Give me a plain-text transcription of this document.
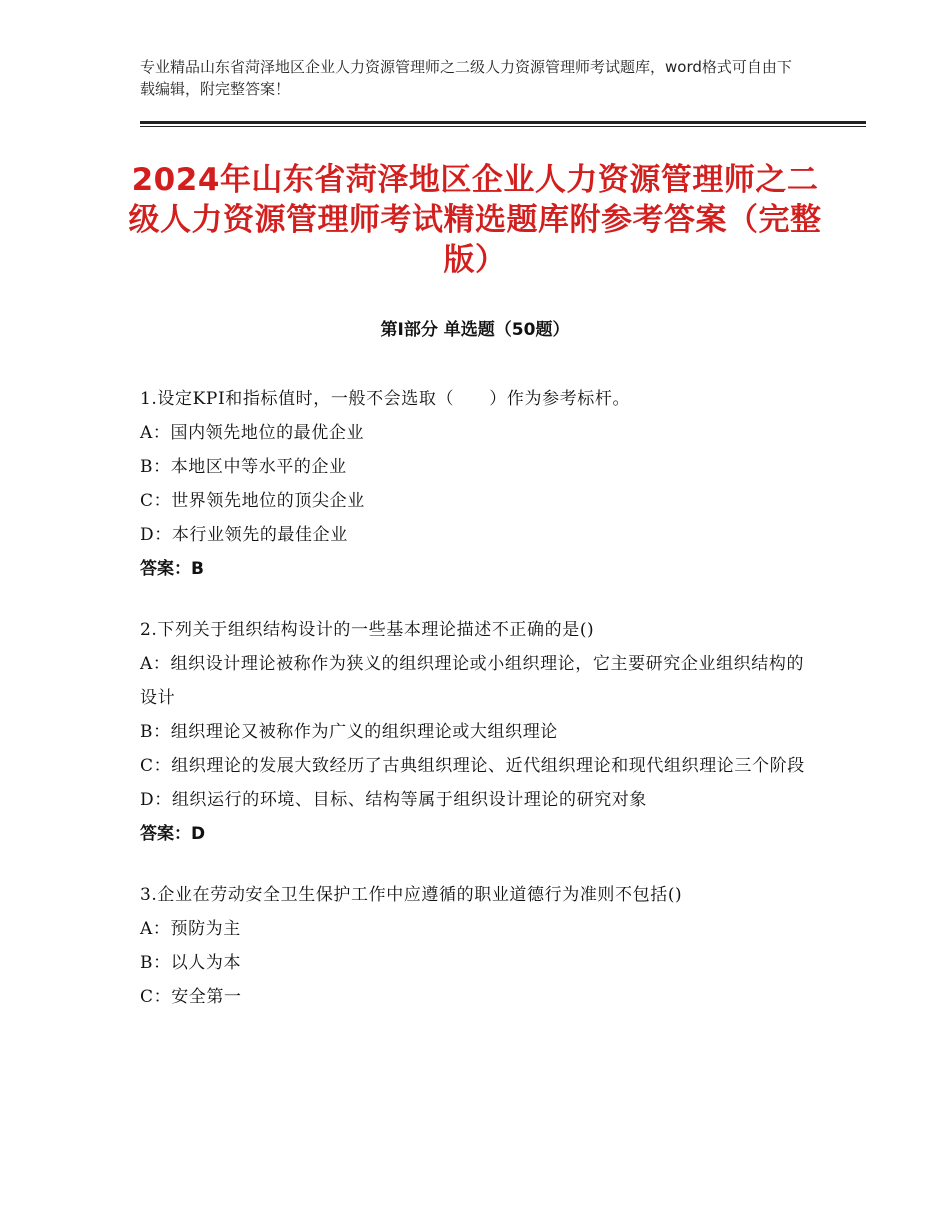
专业精品山东省菏泽地区企业人力资源管理师之二级人力资源管理师考试题库，word格式可自由下载编辑，附完整答案！
2024年山东省菏泽地区企业人力资源管理师之二级人力资源管理师考试精选题库附参考答案（完整版）
第Ⅰ部分 单选题（50题）

1.设定KPI和指标值时，一般不会选取（　　）作为参考标杆。

A：国内领先地位的最优企业

B：本地区中等水平的企业

C：世界领先地位的顶尖企业

D：本行业领先的最佳企业

答案：B

2.下列关于组织结构设计的一些基本理论描述不正确的是()

A：组织设计理论被称作为狭义的组织理论或小组织理论，它主要研究企业组织结构的设计

B：组织理论又被称作为广义的组织理论或大组织理论

C：组织理论的发展大致经历了古典组织理论、近代组织理论和现代组织理论三个阶段

D：组织运行的环境、目标、结构等属于组织设计理论的研究对象

答案：D

3.企业在劳动安全卫生保护工作中应遵循的职业道德行为准则不包括()

A：预防为主

B：以人为本

C：安全第一
